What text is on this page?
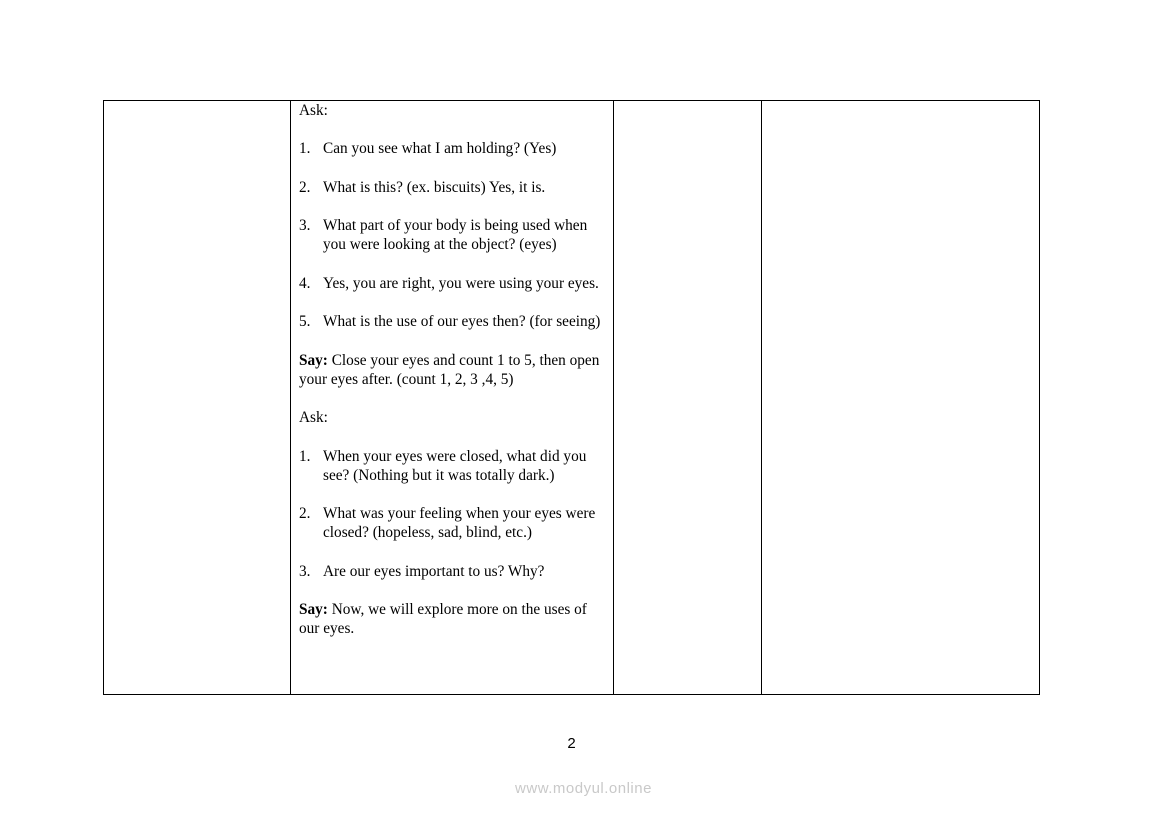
Ask:

1. Can you see what I am holding? (Yes)
2. What is this? (ex. biscuits) Yes, it is.
3. What part of your body is being used when you were looking at the object? (eyes)
4. Yes, you are right, you were using your eyes.
5. What is the use of our eyes then? (for seeing)

Say: Close your eyes and count 1 to 5, then open your eyes after. (count 1, 2, 3 ,4, 5)

Ask:

1. When your eyes were closed, what did you see? (Nothing but it was totally dark.)
2. What was your feeling when your eyes were closed? (hopeless, sad, blind, etc.)
3. Are our eyes important to us? Why?

Say: Now, we will explore more on the uses of our eyes.

2
www.modyul.online
